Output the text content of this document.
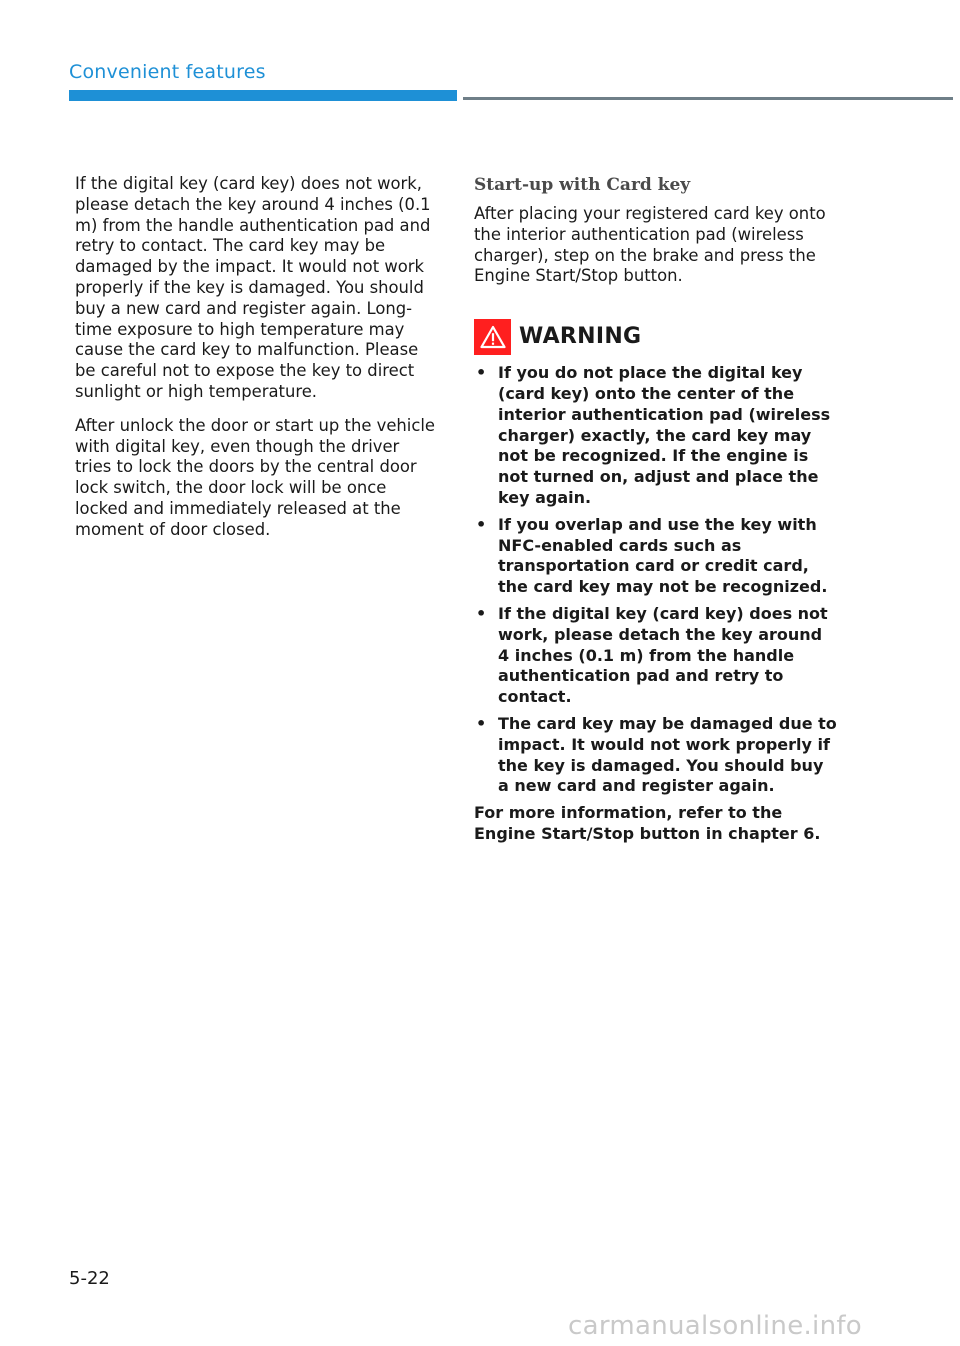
Convenient features

If the digital key (card key) does not work, please detach the key around 4 inches (0.1 m) from the handle authentication pad and retry to contact. The card key may be damaged by the impact. It would not work properly if the key is damaged. You should buy a new card and register again. Long-time exposure to high temperature may cause the card key to malfunction. Please be careful not to expose the key to direct sunlight or high temperature.

After unlock the door or start up the vehicle with digital key, even though the driver tries to lock the doors by the central door lock switch, the door lock will be once locked and immediately released at the moment of door closed.

Start-up with Card key

After placing your registered card key onto the interior authentication pad (wireless charger), step on the brake and press the Engine Start/Stop button.

WARNING
• If you do not place the digital key (card key) onto the center of the interior authentication pad (wireless charger) exactly, the card key may not be recognized. If the engine is not turned on, adjust and place the key again.
• If you overlap and use the key with NFC-enabled cards such as transportation card or credit card, the card key may not be recognized.
• If the digital key (card key) does not work, please detach the key around 4 inches (0.1 m) from the handle authentication pad and retry to contact.
• The card key may be damaged due to impact. It would not work properly if the key is damaged. You should buy a new card and register again.

For more information, refer to the Engine Start/Stop button in chapter 6.

5-22
carmanualsonline.info
